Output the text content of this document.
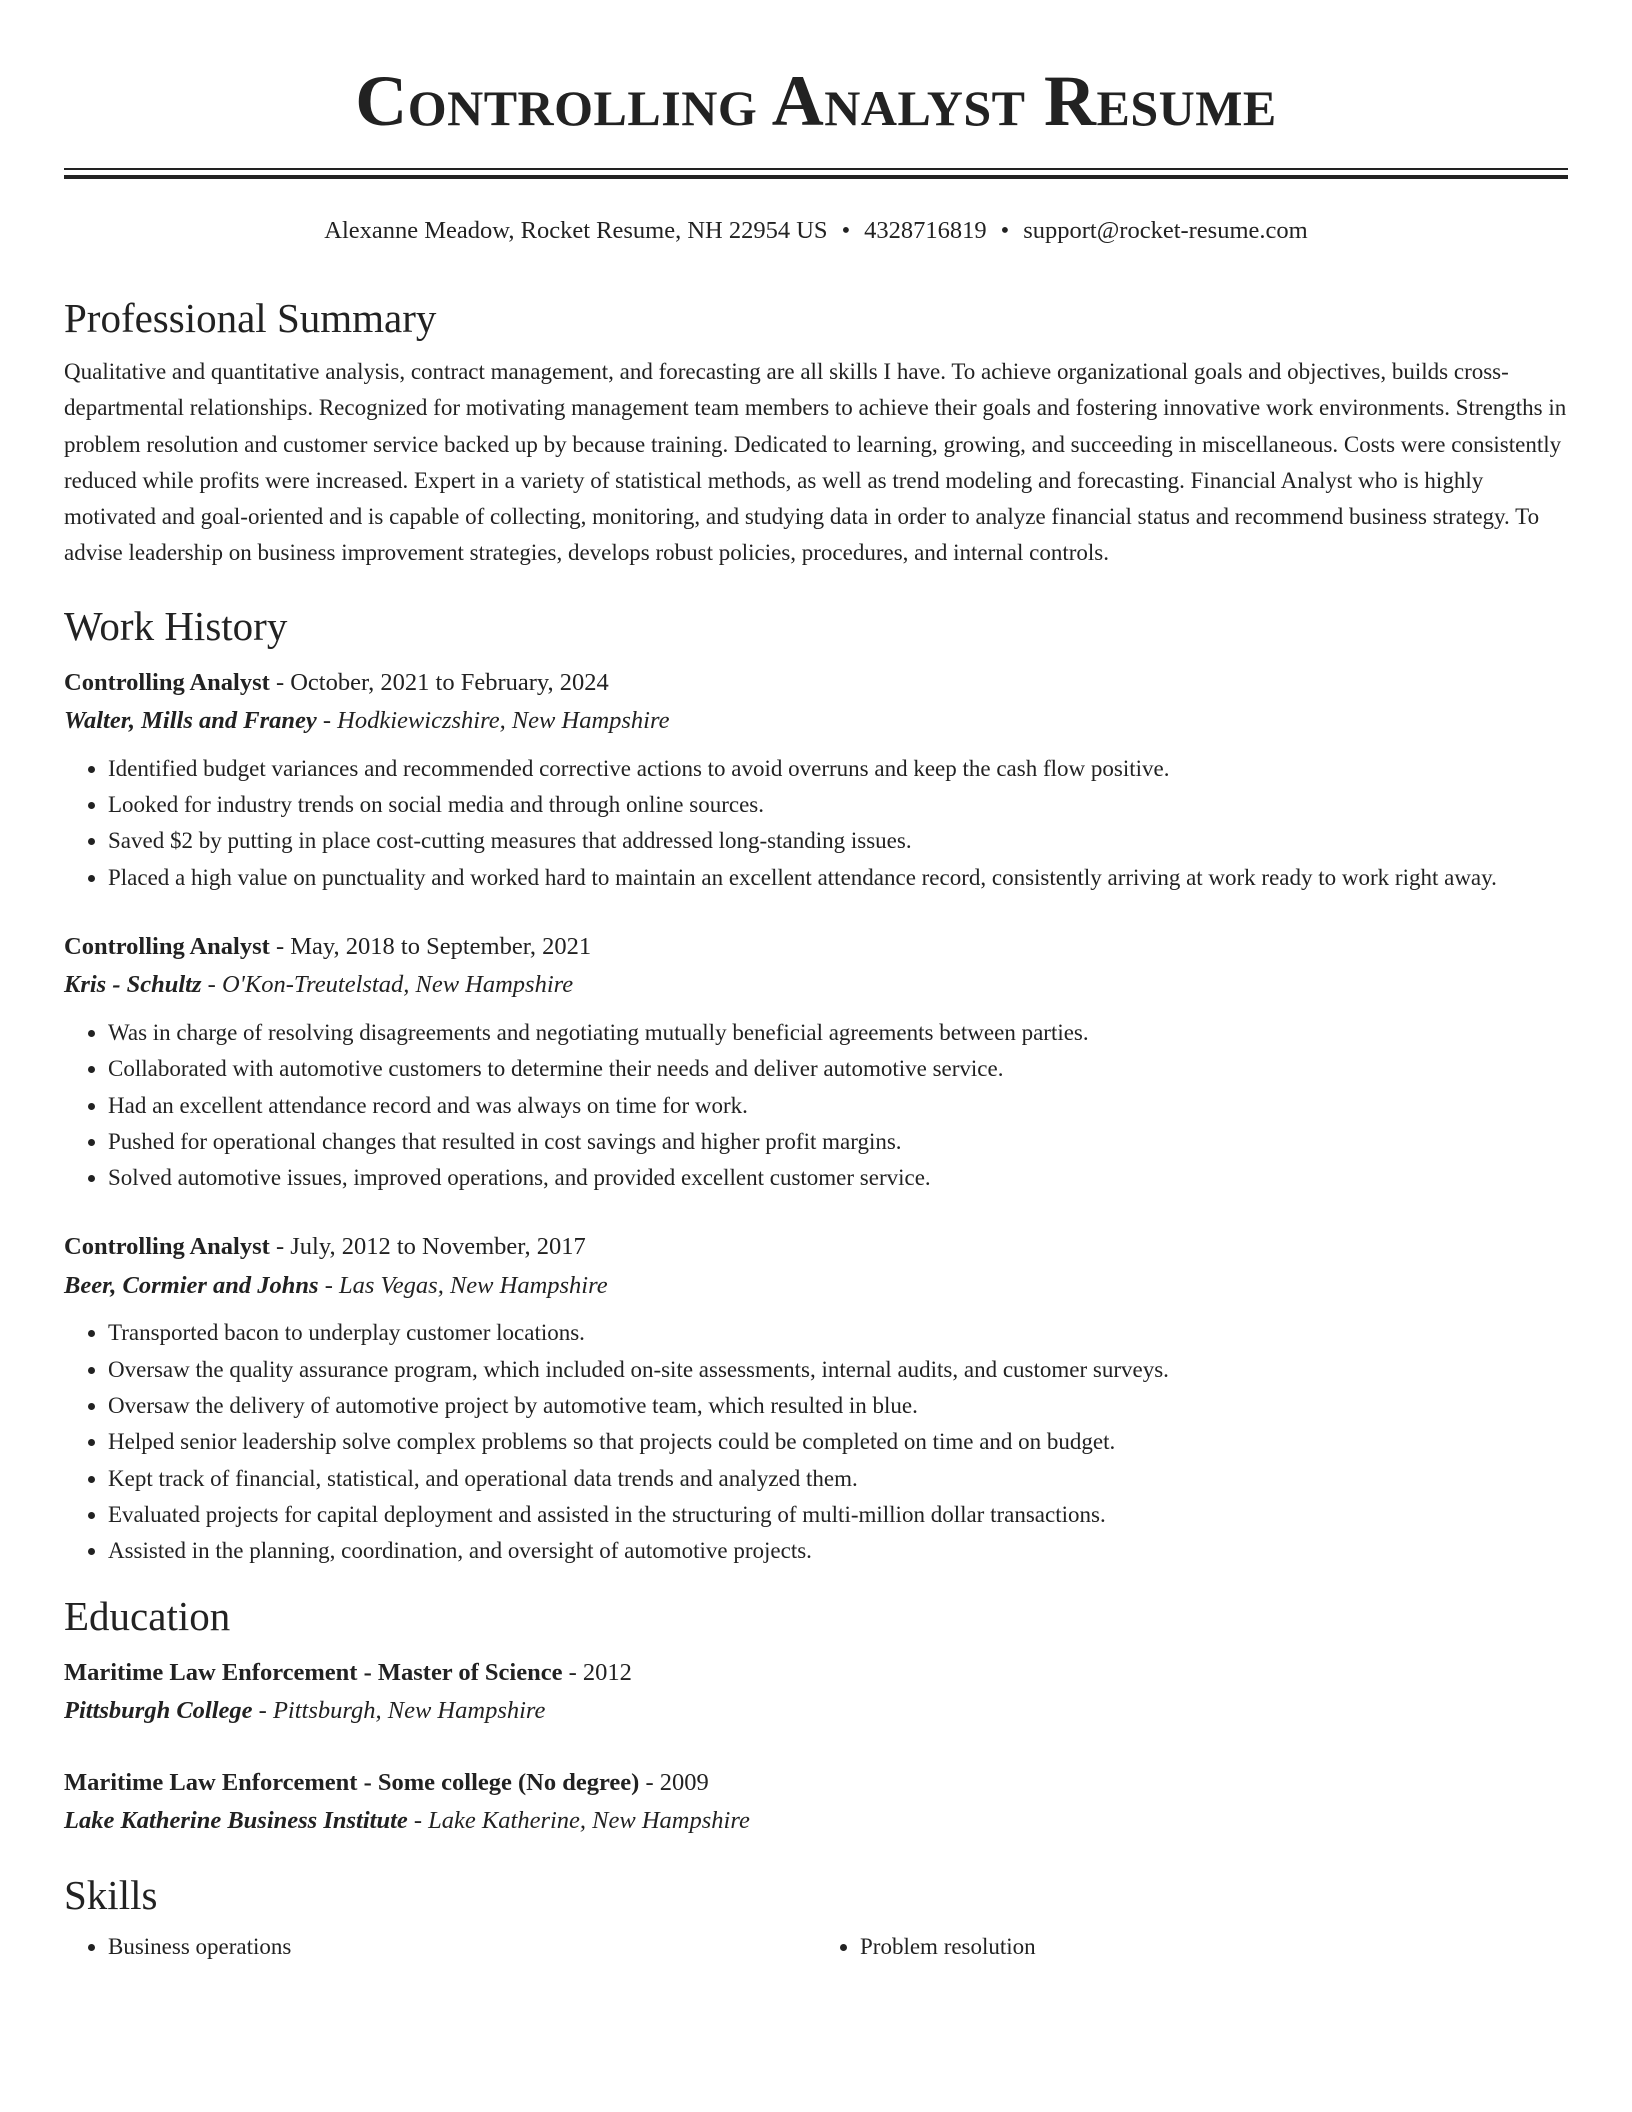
Controlling Analyst Resume
Alexanne Meadow, Rocket Resume, NH 22954 US • 4328716819 • support@rocket-resume.com
Professional Summary

Qualitative and quantitative analysis, contract management, and forecasting are all skills I have. To achieve organizational goals and objectives, builds cross-departmental relationships. Recognized for motivating management team members to achieve their goals and fostering innovative work environments. Strengths in problem resolution and customer service backed up by because training. Dedicated to learning, growing, and succeeding in miscellaneous. Costs were consistently reduced while profits were increased. Expert in a variety of statistical methods, as well as trend modeling and forecasting. Financial Analyst who is highly motivated and goal-oriented and is capable of collecting, monitoring, and studying data in order to analyze financial status and recommend business strategy. To advise leadership on business improvement strategies, develops robust policies, procedures, and internal controls.

Work History
Controlling Analyst - October, 2021 to February, 2024
Walter, Mills and Franey - Hodkiewiczshire, New Hampshire
• Identified budget variances and recommended corrective actions to avoid overruns and keep the cash flow positive.
• Looked for industry trends on social media and through online sources.
• Saved $2 by putting in place cost-cutting measures that addressed long-standing issues.
• Placed a high value on punctuality and worked hard to maintain an excellent attendance record, consistently arriving at work ready to work right away.
Controlling Analyst - May, 2018 to September, 2021
Kris - Schultz - O'Kon-Treutelstad, New Hampshire
• Was in charge of resolving disagreements and negotiating mutually beneficial agreements between parties.
• Collaborated with automotive customers to determine their needs and deliver automotive service.
• Had an excellent attendance record and was always on time for work.
• Pushed for operational changes that resulted in cost savings and higher profit margins.
• Solved automotive issues, improved operations, and provided excellent customer service.
Controlling Analyst - July, 2012 to November, 2017
Beer, Cormier and Johns - Las Vegas, New Hampshire
• Transported bacon to underplay customer locations.
• Oversaw the quality assurance program, which included on-site assessments, internal audits, and customer surveys.
• Oversaw the delivery of automotive project by automotive team, which resulted in blue.
• Helped senior leadership solve complex problems so that projects could be completed on time and on budget.
• Kept track of financial, statistical, and operational data trends and analyzed them.
• Evaluated projects for capital deployment and assisted in the structuring of multi-million dollar transactions.
• Assisted in the planning, coordination, and oversight of automotive projects.
Education
Maritime Law Enforcement - Master of Science - 2012
Pittsburgh College - Pittsburgh, New Hampshire
Maritime Law Enforcement - Some college (No degree) - 2009
Lake Katherine Business Institute - Lake Katherine, New Hampshire
Skills
• Business operations
•	Problem resolution
